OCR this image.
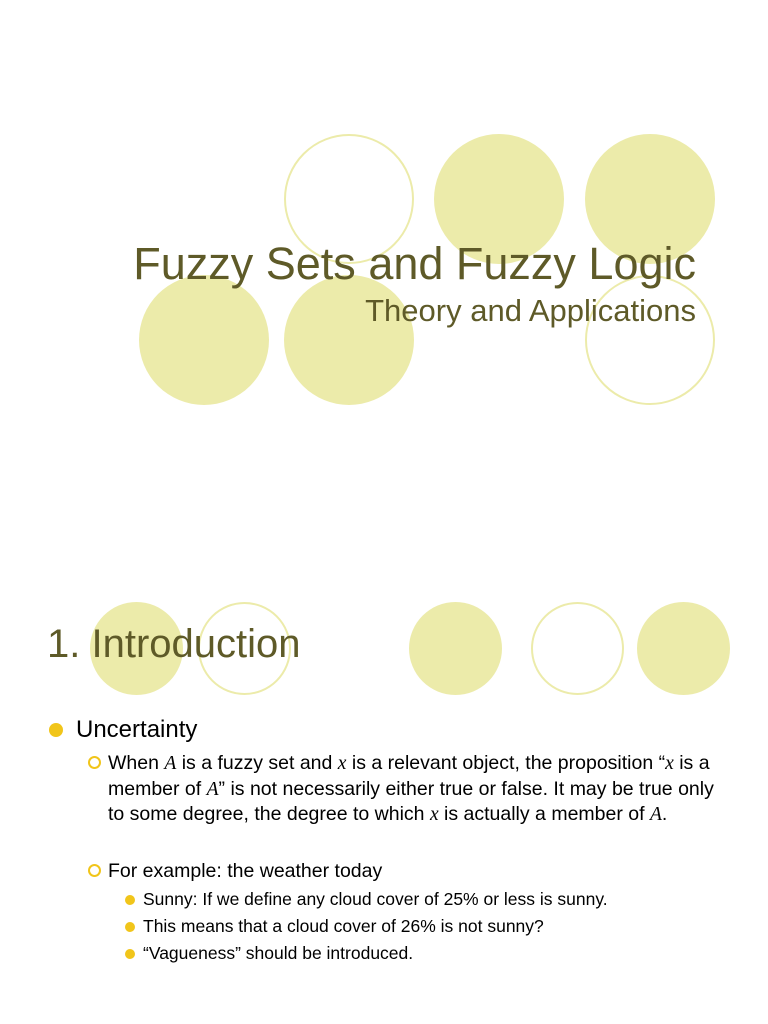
Fuzzy Sets and Fuzzy Logic
Theory and Applications
1. Introduction
Uncertainty
When A is a fuzzy set and x is a relevant object, the proposition “x is a member of A” is not necessarily either true or false. It may be true only to some degree, the degree to which x is actually a member of A.
For example: the weather today
Sunny: If we define any cloud cover of 25% or less is sunny.
This means that a cloud cover of 26% is not sunny?
“Vagueness” should be introduced.
